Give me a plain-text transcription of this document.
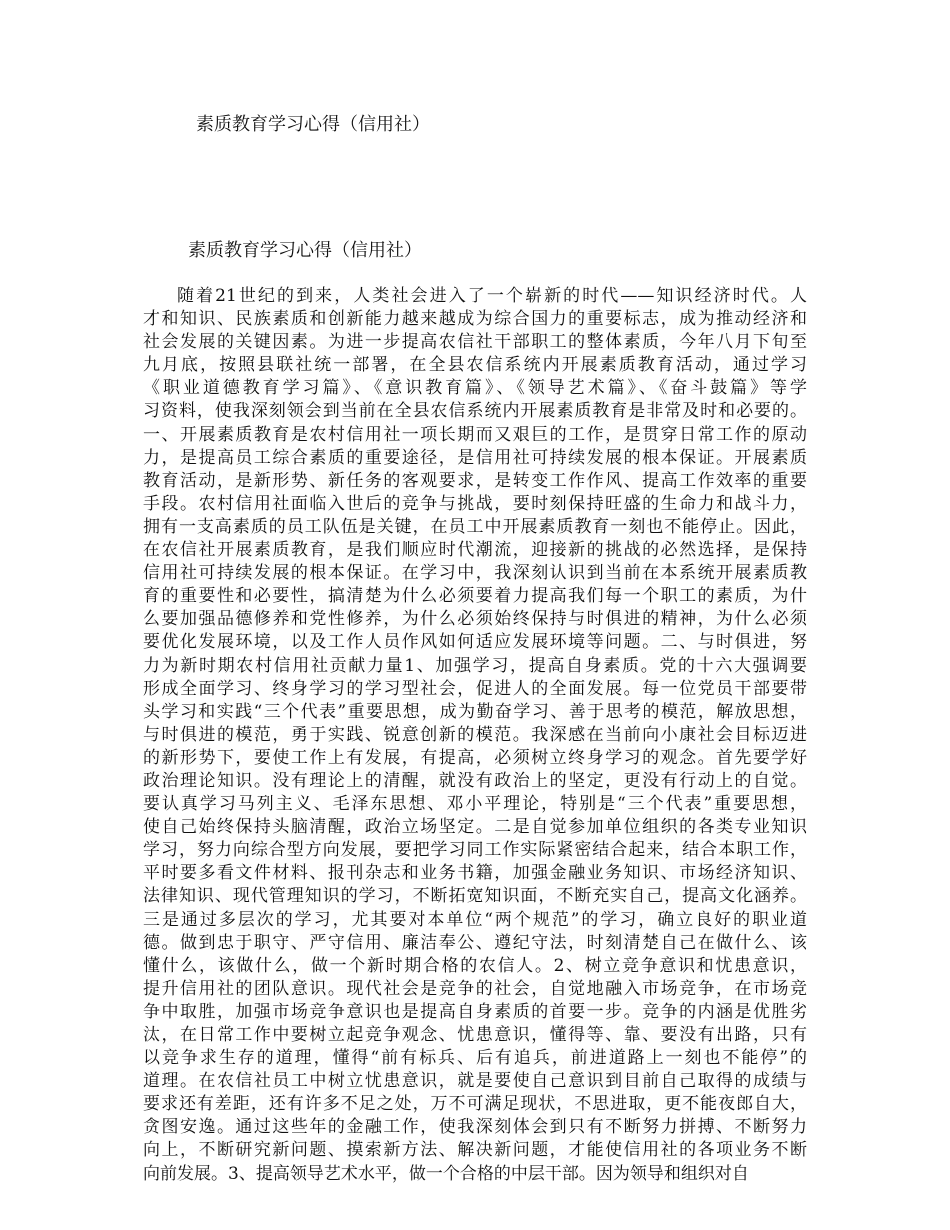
素质教育学习心得（信用社）
素质教育学习心得（信用社）
随着21世纪的到来，人类社会进入了一个崭新的时代——知识经济时代。人
才和知识、民族素质和创新能力越来越成为综合国力的重要标志，成为推动经济和
社会发展的关键因素。为进一步提高农信社干部职工的整体素质，今年八月下旬至
九月底，按照县联社统一部署，在全县农信系统内开展素质教育活动，通过学习
《职业道德教育学习篇》、《意识教育篇》、《领导艺术篇》、《奋斗鼓篇》等学
习资料，使我深刻领会到当前在全县农信系统内开展素质教育是非常及时和必要的。
一、开展素质教育是农村信用社一项长期而又艰巨的工作，是贯穿日常工作的原动
力，是提高员工综合素质的重要途径，是信用社可持续发展的根本保证。开展素质
教育活动，是新形势、新任务的客观要求，是转变工作作风、提高工作效率的重要
手段。农村信用社面临入世后的竞争与挑战，要时刻保持旺盛的生命力和战斗力，
拥有一支高素质的员工队伍是关键，在员工中开展素质教育一刻也不能停止。因此，
在农信社开展素质教育，是我们顺应时代潮流，迎接新的挑战的必然选择，是保持
信用社可持续发展的根本保证。在学习中，我深刻认识到当前在本系统开展素质教
育的重要性和必要性，搞清楚为什么必须要着力提高我们每一个职工的素质，为什
么要加强品德修养和党性修养，为什么必须始终保持与时俱进的精神，为什么必须
要优化发展环境，以及工作人员作风如何适应发展环境等问题。二、与时俱进，努
力为新时期农村信用社贡献力量1、加强学习，提高自身素质。党的十六大强调要
形成全面学习、终身学习的学习型社会，促进人的全面发展。每一位党员干部要带
头学习和实践“三个代表”重要思想，成为勤奋学习、善于思考的模范，解放思想，
与时俱进的模范，勇于实践、锐意创新的模范。我深感在当前向小康社会目标迈进
的新形势下，要使工作上有发展，有提高，必须树立终身学习的观念。首先要学好
政治理论知识。没有理论上的清醒，就没有政治上的坚定，更没有行动上的自觉。
要认真学习马列主义、毛泽东思想、邓小平理论，特别是“三个代表”重要思想，
使自己始终保持头脑清醒，政治立场坚定。二是自觉参加单位组织的各类专业知识
学习，努力向综合型方向发展，要把学习同工作实际紧密结合起来，结合本职工作，
平时要多看文件材料、报刊杂志和业务书籍，加强金融业务知识、市场经济知识、
法律知识、现代管理知识的学习，不断拓宽知识面，不断充实自己，提高文化涵养。
三是通过多层次的学习，尤其要对本单位“两个规范”的学习，确立良好的职业道
德。做到忠于职守、严守信用、廉洁奉公、遵纪守法，时刻清楚自己在做什么、该
懂什么，该做什么，做一个新时期合格的农信人。2、树立竞争意识和忧患意识，
提升信用社的团队意识。现代社会是竞争的社会，自觉地融入市场竞争，在市场竞
争中取胜，加强市场竞争意识也是提高自身素质的首要一步。竞争的内涵是优胜劣
汰，在日常工作中要树立起竞争观念、忧患意识，懂得等、靠、要没有出路，只有
以竞争求生存的道理，懂得“前有标兵、后有追兵，前进道路上一刻也不能停”的
道理。在农信社员工中树立忧患意识，就是要使自己意识到目前自己取得的成绩与
要求还有差距，还有许多不足之处，万不可满足现状，不思进取，更不能夜郎自大，
贪图安逸。通过这些年的金融工作，使我深刻体会到只有不断努力拼搏、不断努力
向上，不断研究新问题、摸索新方法、解决新问题，才能使信用社的各项业务不断
向前发展。3、提高领导艺术水平，做一个合格的中层干部。因为领导和组织对自
